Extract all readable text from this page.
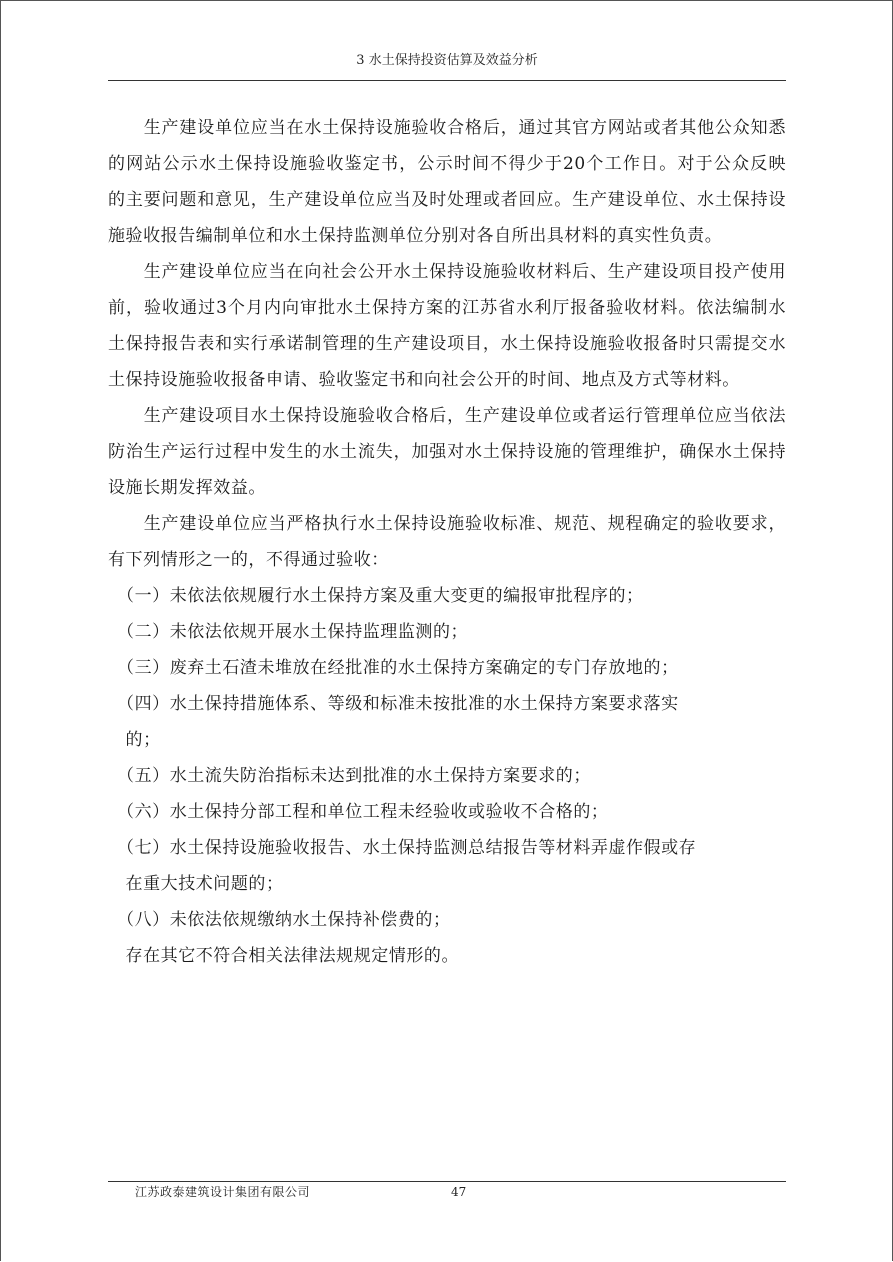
3 水土保持投资估算及效益分析
　　生产建设单位应当在水土保持设施验收合格后，通过其官方网站或者其他公众知悉
的网站公示水土保持设施验收鉴定书，公示时间不得少于20个工作日。对于公众反映
的主要问题和意见，生产建设单位应当及时处理或者回应。生产建设单位、水土保持设
施验收报告编制单位和水土保持监测单位分别对各自所出具材料的真实性负责。
　　生产建设单位应当在向社会公开水土保持设施验收材料后、生产建设项目投产使用
前，验收通过3个月内向审批水土保持方案的江苏省水利厅报备验收材料。依法编制水
土保持报告表和实行承诺制管理的生产建设项目，水土保持设施验收报备时只需提交水
土保持设施验收报备申请、验收鉴定书和向社会公开的时间、地点及方式等材料。
　　生产建设项目水土保持设施验收合格后，生产建设单位或者运行管理单位应当依法
防治生产运行过程中发生的水土流失，加强对水土保持设施的管理维护，确保水土保持
设施长期发挥效益。
　　生产建设单位应当严格执行水土保持设施验收标准、规范、规程确定的验收要求，
有下列情形之一的，不得通过验收：
　（一）未依法依规履行水土保持方案及重大变更的编报审批程序的；
　（二）未依法依规开展水土保持监理监测的；
　（三）废弃土石渣未堆放在经批准的水土保持方案确定的专门存放地的；
　（四）水土保持措施体系、等级和标准未按批准的水土保持方案要求落实
　的；
　（五）水土流失防治指标未达到批准的水土保持方案要求的；
　（六）水土保持分部工程和单位工程未经验收或验收不合格的；
　（七）水土保持设施验收报告、水土保持监测总结报告等材料弄虚作假或存
　在重大技术问题的；
　（八）未依法依规缴纳水土保持补偿费的；
　存在其它不符合相关法律法规规定情形的。
江苏政泰建筑设计集团有限公司	47
